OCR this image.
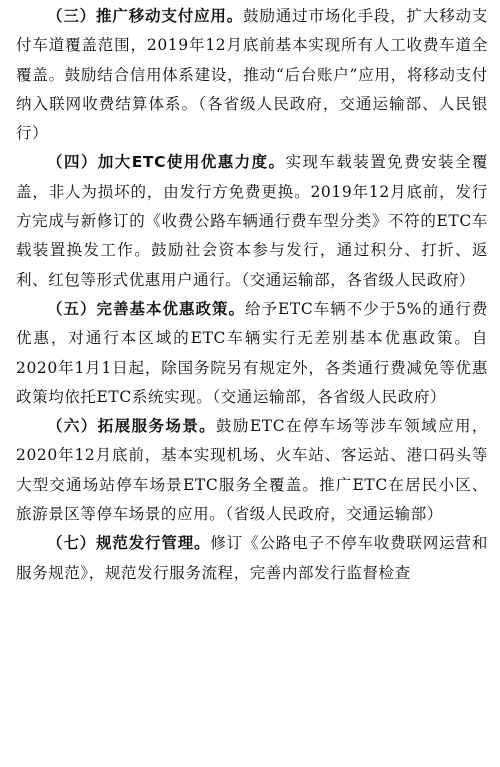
（三）推广移动支付应用。鼓励通过市场化手段，扩大移动支付车道覆盖范围，2019年12月底前基本实现所有人工收费车道全覆盖。鼓励结合信用体系建设，推动“后台账户”应用，将移动支付纳入联网收费结算体系。（各省级人民政府，交通运输部、人民银行）

（四）加大ETC使用优惠力度。实现车载装置免费安装全覆盖，非人为损坏的，由发行方免费更换。2019年12月底前，发行方完成与新修订的《收费公路车辆通行费车型分类》不符的ETC车载装置换发工作。鼓励社会资本参与发行，通过积分、打折、返利、红包等形式优惠用户通行。（交通运输部，各省级人民政府）

（五）完善基本优惠政策。给予ETC车辆不少于5%的通行费优惠，对通行本区域的ETC车辆实行无差别基本优惠政策。自2020年1月1日起，除国务院另有规定外，各类通行费减免等优惠政策均依托ETC系统实现。（交通运输部，各省级人民政府）

（六）拓展服务场景。鼓励ETC在停车场等涉车领域应用，2020年12月底前，基本实现机场、火车站、客运站、港口码头等大型交通场站停车场景ETC服务全覆盖。推广ETC在居民小区、旅游景区等停车场景的应用。（省级人民政府，交通运输部）

（七）规范发行管理。修订《公路电子不停车收费联网运营和服务规范》，规范发行服务流程，完善内部发行监督检查
